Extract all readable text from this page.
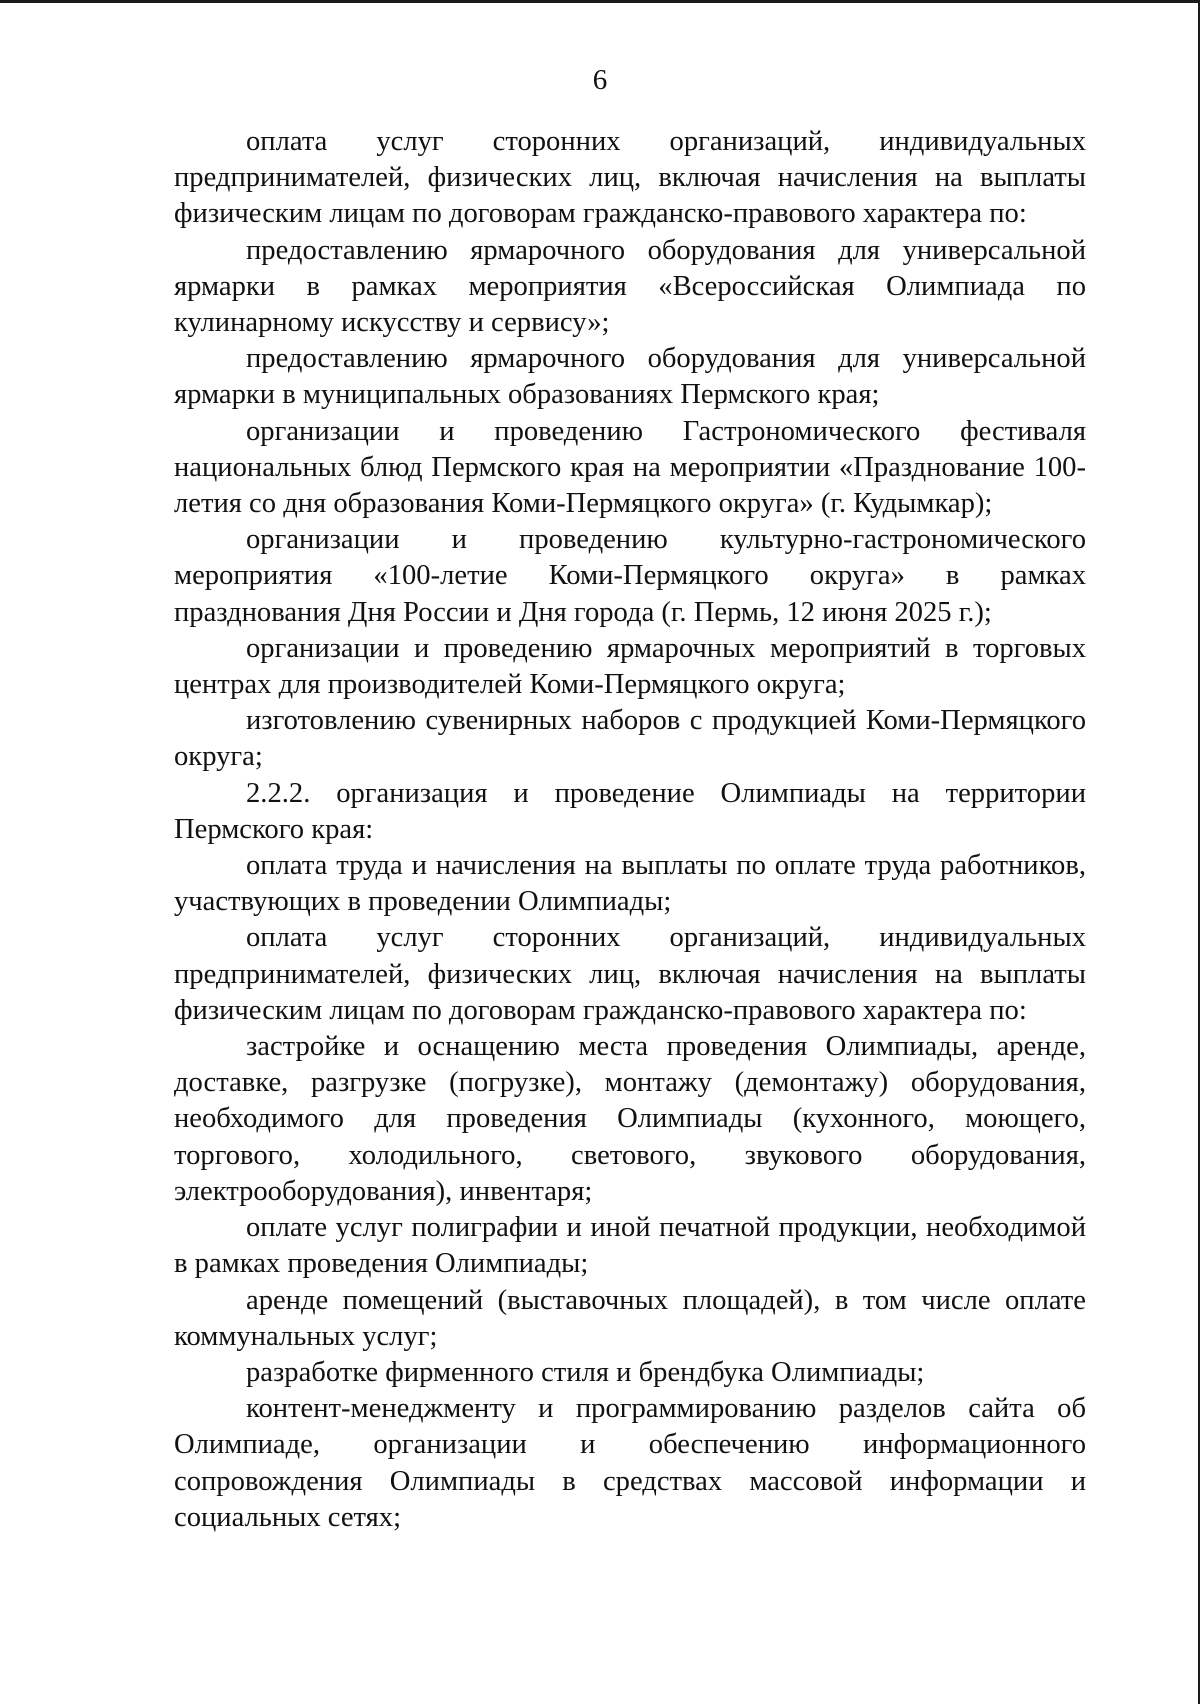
6

оплата услуг сторонних организаций, индивидуальных предпринимателей, физических лиц, включая начисления на выплаты физическим лицам по договорам гражданско-правового характера по:

предоставлению ярмарочного оборудования для универсальной ярмарки в рамках мероприятия «Всероссийская Олимпиада по кулинарному искусству и сервису»;

предоставлению ярмарочного оборудования для универсальной ярмарки в муниципальных образованиях Пермского края;

организации и проведению Гастрономического фестиваля национальных блюд Пермского края на мероприятии «Празднование 100-летия со дня образования Коми-Пермяцкого округа» (г. Кудымкар);

организации и проведению культурно-гастрономического мероприятия «100-летие Коми-Пермяцкого округа» в рамках празднования Дня России и Дня города (г. Пермь, 12 июня 2025 г.);

организации и проведению ярмарочных мероприятий в торговых центрах для производителей Коми-Пермяцкого округа;

изготовлению сувенирных наборов с продукцией Коми-Пермяцкого округа;

2.2.2. организация и проведение Олимпиады на территории Пермского края:

оплата труда и начисления на выплаты по оплате труда работников, участвующих в проведении Олимпиады;

оплата услуг сторонних организаций, индивидуальных предпринимателей, физических лиц, включая начисления на выплаты физическим лицам по договорам гражданско-правового характера по:

застройке и оснащению места проведения Олимпиады, аренде, доставке, разгрузке (погрузке), монтажу (демонтажу) оборудования, необходимого для проведения Олимпиады (кухонного, моющего, торгового, холодильного, светового, звукового оборудования, электрооборудования), инвентаря;

оплате услуг полиграфии и иной печатной продукции, необходимой в рамках проведения Олимпиады;

аренде помещений (выставочных площадей), в том числе оплате коммунальных услуг;

разработке фирменного стиля и брендбука Олимпиады;

контент-менеджменту и программированию разделов сайта об Олимпиаде, организации и обеспечению информационного сопровождения Олимпиады в средствах массовой информации и социальных сетях;
